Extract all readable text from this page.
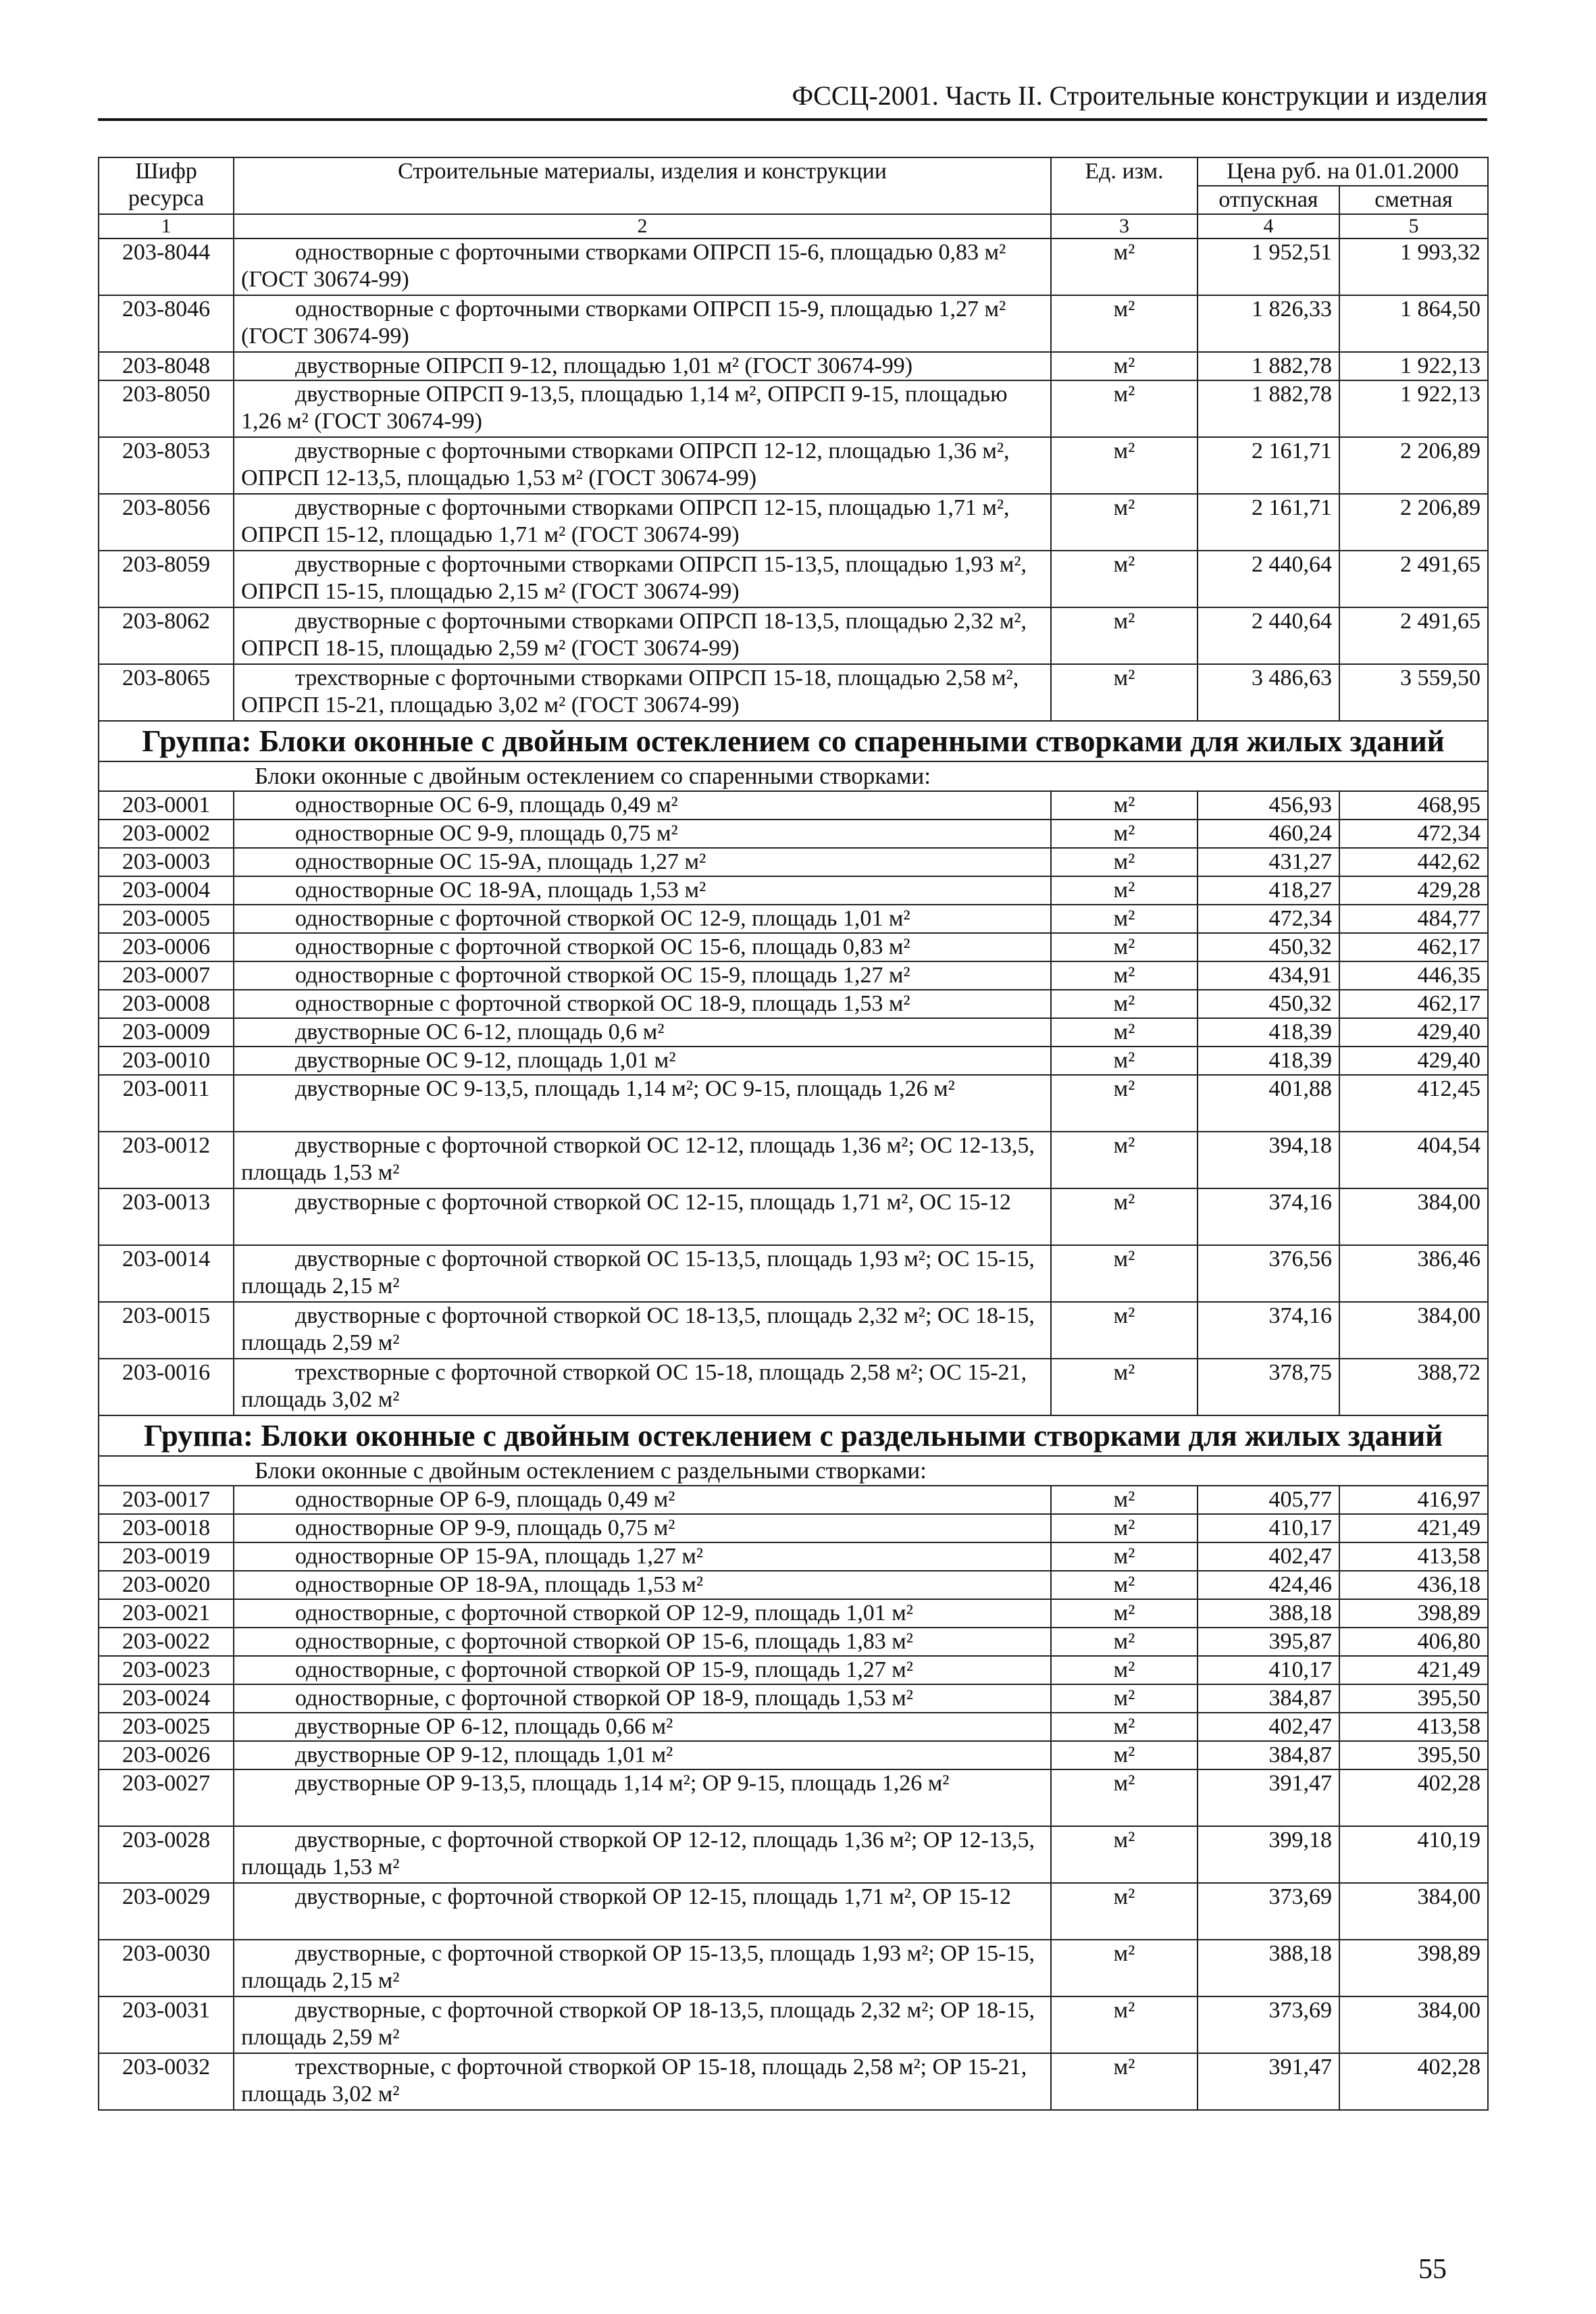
ФССЦ-2001. Часть II. Строительные конструкции и изделия
Шифр ресурса	Строительные материалы, изделия и конструкции	Ед. изм.	Цена руб. на 01.01.2000	
			отпускная	сметная
1	2	3	4	5
203-8044	одностворные с форточными створками ОПРСП 15-6, площадью 0,83 м² (ГОСТ 30674-99)	м²	1 952,51	1 993,32
203-8046	одностворные с форточными створками ОПРСП 15-9, площадью 1,27 м² (ГОСТ 30674-99)	м²	1 826,33	1 864,50
203-8048	двустворные ОПРСП 9-12, площадью 1,01 м² (ГОСТ 30674-99)	м²	1 882,78	1 922,13
203-8050	двустворные ОПРСП 9-13,5, площадью 1,14 м², ОПРСП 9-15, площадью 1,26 м² (ГОСТ 30674-99)	м²	1 882,78	1 922,13
203-8053	двустворные с форточными створками ОПРСП 12-12, площадью 1,36 м², ОПРСП 12-13,5, площадью 1,53 м² (ГОСТ 30674-99)	м²	2 161,71	2 206,89
203-8056	двустворные с форточными створками ОПРСП 12-15, площадью 1,71 м², ОПРСП 15-12, площадью 1,71 м² (ГОСТ 30674-99)	м²	2 161,71	2 206,89
203-8059	двустворные с форточными створками ОПРСП 15-13,5, площадью 1,93 м², ОПРСП 15-15, площадью 2,15 м² (ГОСТ 30674-99)	м²	2 440,64	2 491,65
203-8062	двустворные с форточными створками ОПРСП 18-13,5, площадью 2,32 м², ОПРСП 18-15, площадью 2,59 м² (ГОСТ 30674-99)	м²	2 440,64	2 491,65
203-8065	трехстворные с форточными створками ОПРСП 15-18, площадью 2,58 м², ОПРСП 15-21, площадью 3,02 м² (ГОСТ 30674-99)	м²	3 486,63	3 559,50
Группа: Блоки оконные с двойным остеклением со спаренными створками для жилых зданий				
Блоки оконные с двойным остеклением со спаренными створками:				
203-0001	одностворные ОС 6-9, площадь 0,49 м²	м²	456,93	468,95
203-0002	одностворные ОС 9-9, площадь 0,75 м²	м²	460,24	472,34
203-0003	одностворные ОС 15-9А, площадь 1,27 м²	м²	431,27	442,62
203-0004	одностворные ОС 18-9А, площадь 1,53 м²	м²	418,27	429,28
203-0005	одностворные с форточной створкой ОС 12-9, площадь 1,01 м²	м²	472,34	484,77
203-0006	одностворные с форточной створкой ОС 15-6, площадь 0,83 м²	м²	450,32	462,17
203-0007	одностворные с форточной створкой ОС 15-9, площадь 1,27 м²	м²	434,91	446,35
203-0008	одностворные с форточной створкой ОС 18-9, площадь 1,53 м²	м²	450,32	462,17
203-0009	двустворные ОС 6-12, площадь 0,6 м²	м²	418,39	429,40
203-0010	двустворные ОС 9-12, площадь 1,01 м²	м²	418,39	429,40
203-0011	двустворные ОС 9-13,5, площадь 1,14 м²; ОС 9-15, площадь 1,26 м²	м²	401,88	412,45
203-0012	двустворные с форточной створкой ОС 12-12, площадь 1,36 м²; ОС 12-13,5, площадь 1,53 м²	м²	394,18	404,54
203-0013	двустворные с форточной створкой ОС 12-15, площадь 1,71 м², ОС 15-12	м²	374,16	384,00
203-0014	двустворные с форточной створкой ОС 15-13,5, площадь 1,93 м²; ОС 15-15, площадь 2,15 м²	м²	376,56	386,46
203-0015	двустворные с форточной створкой ОС 18-13,5, площадь 2,32 м²; ОС 18-15, площадь 2,59 м²	м²	374,16	384,00
203-0016	трехстворные с форточной створкой ОС 15-18, площадь 2,58 м²; ОС 15-21, площадь 3,02 м²	м²	378,75	388,72
Группа: Блоки оконные с двойным остеклением с раздельными створками для жилых зданий				
Блоки оконные с двойным остеклением с раздельными створками:				
203-0017	одностворные ОР 6-9, площадь 0,49 м²	м²	405,77	416,97
203-0018	одностворные ОР 9-9, площадь 0,75 м²	м²	410,17	421,49
203-0019	одностворные ОР 15-9А, площадь 1,27 м²	м²	402,47	413,58
203-0020	одностворные ОР 18-9А, площадь 1,53 м²	м²	424,46	436,18
203-0021	одностворные, с форточной створкой ОР 12-9, площадь 1,01 м²	м²	388,18	398,89
203-0022	одностворные, с форточной створкой ОР 15-6, площадь 1,83 м²	м²	395,87	406,80
203-0023	одностворные, с форточной створкой ОР 15-9, площадь 1,27 м²	м²	410,17	421,49
203-0024	одностворные, с форточной створкой ОР 18-9, площадь 1,53 м²	м²	384,87	395,50
203-0025	двустворные ОР 6-12, площадь 0,66 м²	м²	402,47	413,58
203-0026	двустворные ОР 9-12, площадь 1,01 м²	м²	384,87	395,50
203-0027	двустворные ОР 9-13,5, площадь 1,14 м²; ОР 9-15, площадь 1,26 м²	м²	391,47	402,28
203-0028	двустворные, с форточной створкой ОР 12-12, площадь 1,36 м²; ОР 12-13,5, площадь 1,53 м²	м²	399,18	410,19
203-0029	двустворные, с форточной створкой ОР 12-15, площадь 1,71 м², ОР 15-12	м²	373,69	384,00
203-0030	двустворные, с форточной створкой ОР 15-13,5, площадь 1,93 м²; ОР 15-15, площадь 2,15 м²	м²	388,18	398,89
203-0031	двустворные, с форточной створкой ОР 18-13,5, площадь 2,32 м²; ОР 18-15, площадь 2,59 м²	м²	373,69	384,00
203-0032	трехстворные, с форточной створкой ОР 15-18, площадь 2,58 м²; ОР 15-21, площадь 3,02 м²	м²	391,47	402,28
55
